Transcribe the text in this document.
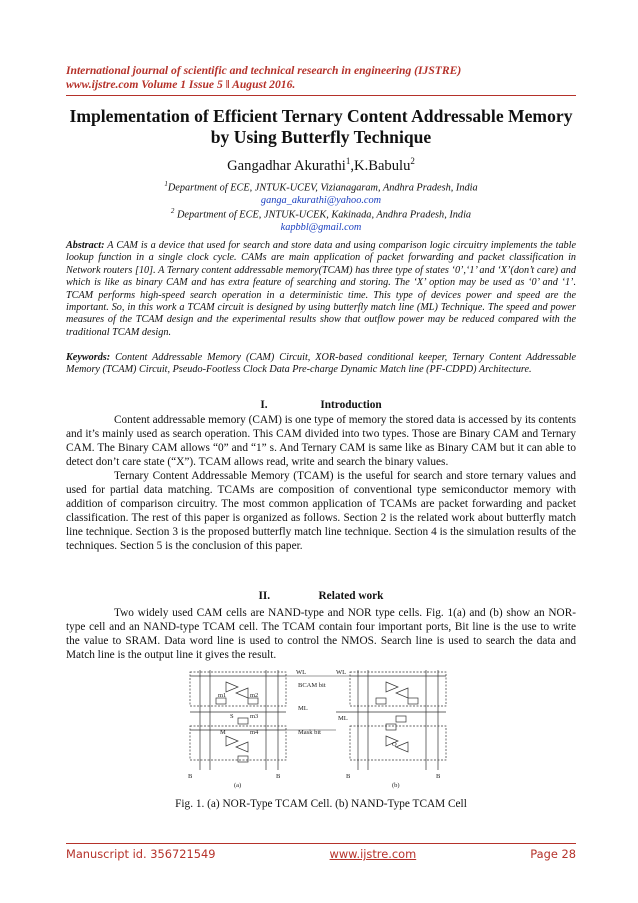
International journal of scientific and technical research in engineering (IJSTRE)
www.ijstre.com Volume 1 Issue 5 ǁ August 2016.
Implementation of Efficient Ternary Content Addressable Memory by Using Butterfly Technique
Gangadhar Akurathi$^1$,K.Babulu$^2$
$^1$Department of ECE, JNTUK-UCEV, Vizianagaram, Andhra Pradesh, India
ganga_akurathi@yahoo.com
$^2$ Department of ECE, JNTUK-UCEK, Kakinada, Andhra Pradesh, India
kapbbl@gmail.com
Abstract: A CAM is a device that used for search and store data and using comparison logic circuitry implements the table lookup function in a single clock cycle. CAMs are main application of packet forwarding and packet classification in Network routers [10]. A Ternary content addressable memory(TCAM) has three type of states ‘0’,‘1’ and ‘X’(don’t care) and which is like as binary CAM and has extra feature of searching and storing. The ‘X’ option may be used as ‘0’ and ‘1’. TCAM performs high-speed search operation in a deterministic time. This type of devices power and speed are the important. So, in this work a TCAM circuit is designed by using butterfly match line (ML) Technique. The speed and power measures of the TCAM design and the experimental results show that outflow power may be reduced compared with the traditional TCAM design.
Keywords: Content Addressable Memory (CAM) Circuit, XOR-based conditional keeper, Ternary Content Addressable Memory (TCAM) Circuit, Pseudo-Footless Clock Data Pre-charge Dynamic Match line (PF-CDPD) Architecture.
I.	Introduction

Content addressable memory (CAM) is one type of memory the stored data is accessed by its contents and it’s mainly used as search operation. This CAM divided into two types. Those are Binary CAM and Ternary CAM. The Binary CAM allows “0” and “1” s. And Ternary CAM is same like as Binary CAM but it can able to detect don’t care state (“X”). TCAM allows read, write and search the binary values.

Ternary Content Addressable Memory (TCAM) is the useful for search and store ternary values and used for partial data matching. TCAMs are composition of conventional type semiconductor memory with addition of comparison circuitry. The most common application of TCAMs are packet forwarding and packet classification. The rest of this paper is organized as follows. Section 2 is the related work about butterfly match line technique. Section 3 is the proposed butterfly match line technique. Section 4 is the simulation results of the techniques. Section 5 is the conclusion of this paper.

II.	Related work

Two widely used CAM cells are NAND-type and NOR type cells. Fig. 1(a) and (b) show an NOR-type cell and an NAND-type TCAM cell. The TCAM contain four important ports, Bit line is the use to write the value to SRAM. Data word line is used to control the NMOS. Search line is used to search the data and Match line is the output line it gives the result.

WL	WL
BCAM bit
ML
ML
Mask bit
m1	m2
m3
m4
S
M
Q
B	B	B	B
(a)	(b)
Fig. 1. (a) NOR-Type TCAM Cell. (b) NAND-Type TCAM Cell
Manuscript id. 356721549	www.ijstre.com	Page 28
